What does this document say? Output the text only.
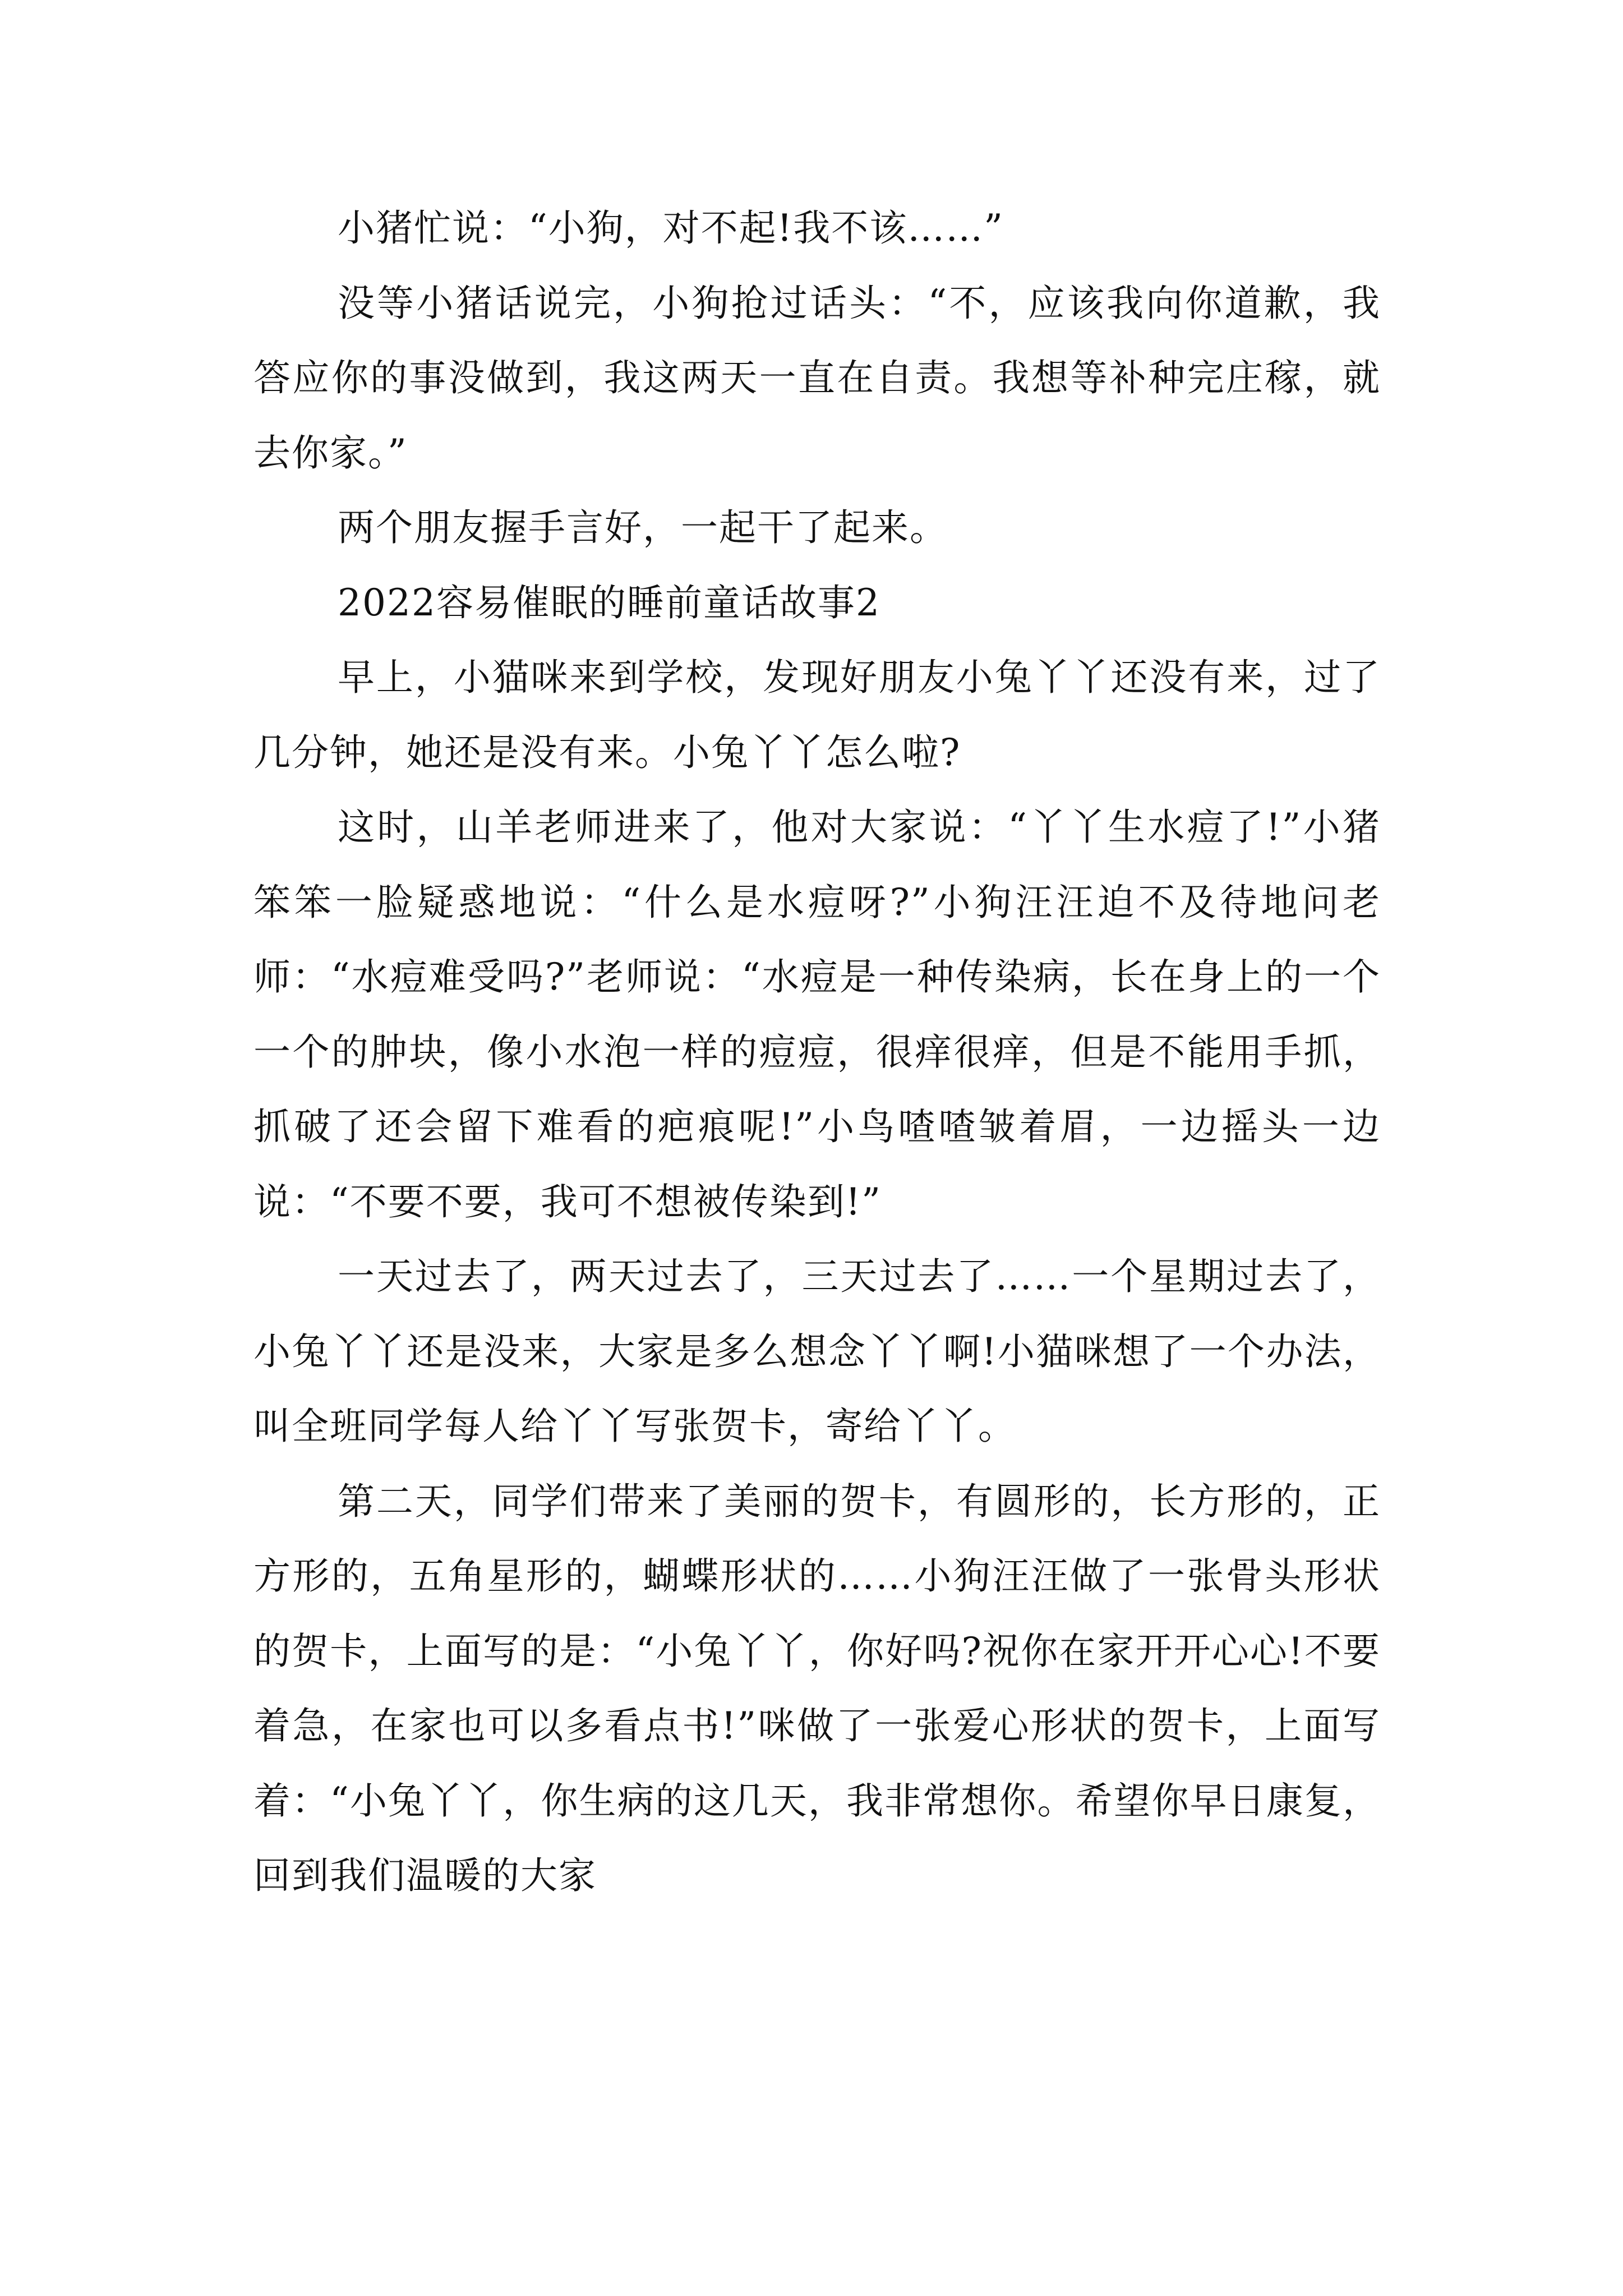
小猪忙说：“小狗，对不起!我不该……”

没等小猪话说完，小狗抢过话头：“不，应该我向你道歉，我答应你的事没做到，我这两天一直在自责。我想等补种完庄稼，就去你家。”

两个朋友握手言好，一起干了起来。

2022容易催眠的睡前童话故事2

早上，小猫咪来到学校，发现好朋友小兔丫丫还没有来，过了几分钟，她还是没有来。小兔丫丫怎么啦?

这时，山羊老师进来了，他对大家说：“丫丫生水痘了!”小猪笨笨一脸疑惑地说：“什么是水痘呀?”小狗汪汪迫不及待地问老师：“水痘难受吗?”老师说：“水痘是一种传染病，长在身上的一个一个的肿块，像小水泡一样的痘痘，很痒很痒，但是不能用手抓，抓破了还会留下难看的疤痕呢!”小鸟喳喳皱着眉，一边摇头一边说：“不要不要，我可不想被传染到!”

一天过去了，两天过去了，三天过去了……一个星期过去了，小兔丫丫还是没来，大家是多么想念丫丫啊!小猫咪想了一个办法，叫全班同学每人给丫丫写张贺卡，寄给丫丫。

第二天，同学们带来了美丽的贺卡，有圆形的，长方形的，正方形的，五角星形的，蝴蝶形状的……小狗汪汪做了一张骨头形状的贺卡，上面写的是：“小兔丫丫，你好吗?祝你在家开开心心!不要着急，在家也可以多看点书!”咪做了一张爱心形状的贺卡，上面写着：“小兔丫丫，你生病的这几天，我非常想你。希望你早日康复，回到我们温暖的大家
